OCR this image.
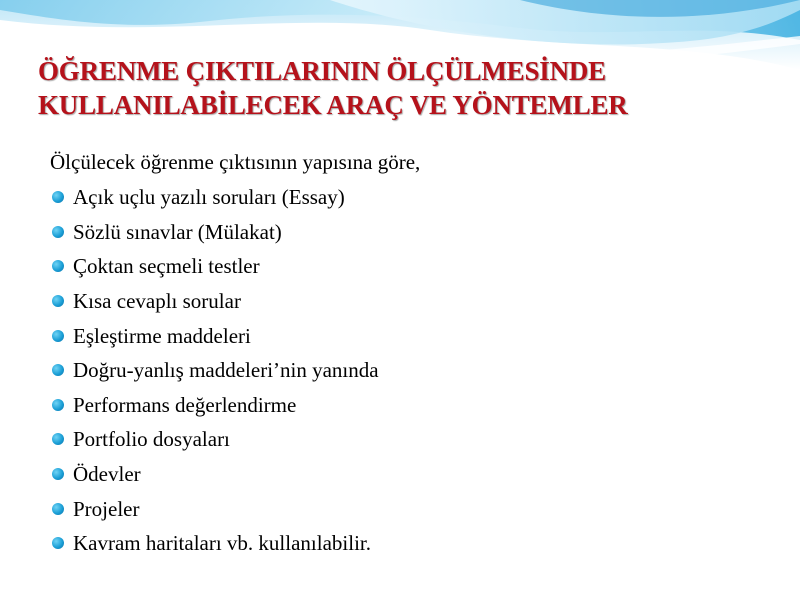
ÖĞRENME ÇIKTILARININ ÖLÇÜLMESİNDE
KULLANILABİLECEK ARAÇ VE YÖNTEMLER

Ölçülecek öğrenme çıktısının yapısına göre,

Açık uçlu yazılı soruları (Essay)
Sözlü sınavlar (Mülakat)
Çoktan seçmeli testler
Kısa cevaplı sorular
Eşleştirme maddeleri
Doğru-yanlış maddeleri’nin yanında
Performans değerlendirme
Portfolio dosyaları
Ödevler
Projeler
Kavram haritaları vb. kullanılabilir.
